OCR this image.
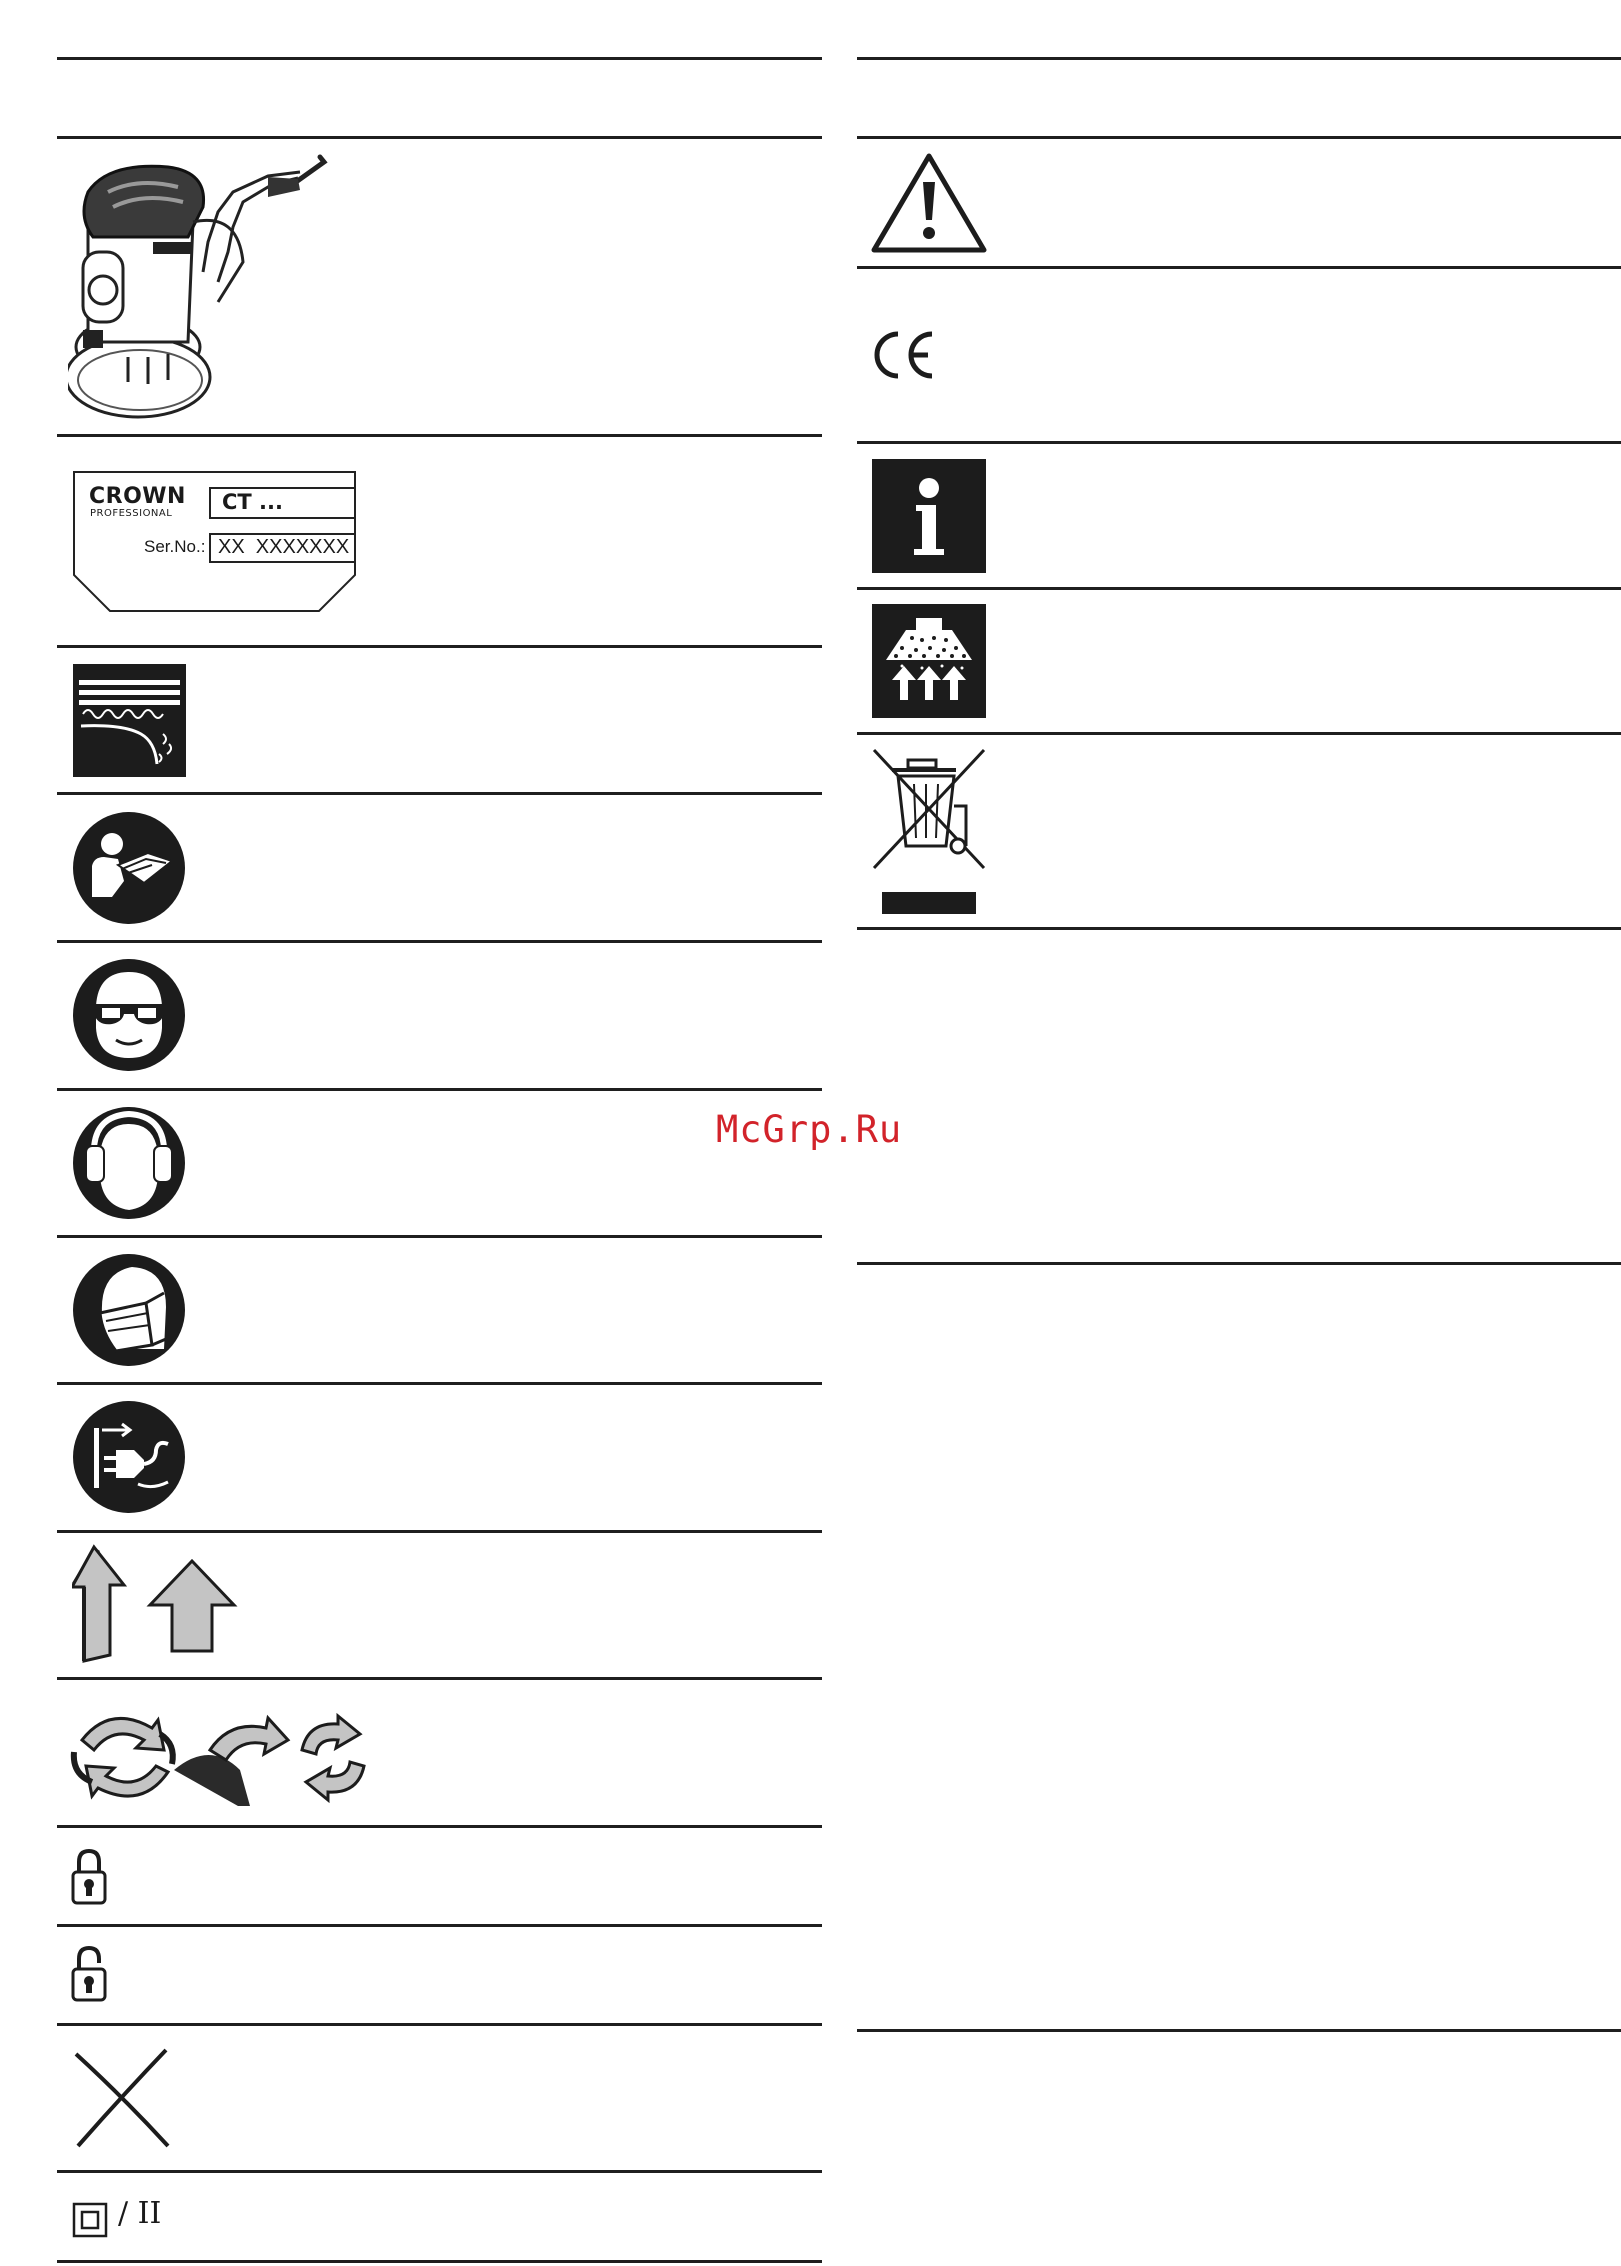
CROWN
PROFESSIONAL CT ...
Ser.No.: XX  XXXXXXX
/ II
McGrp.Ru
